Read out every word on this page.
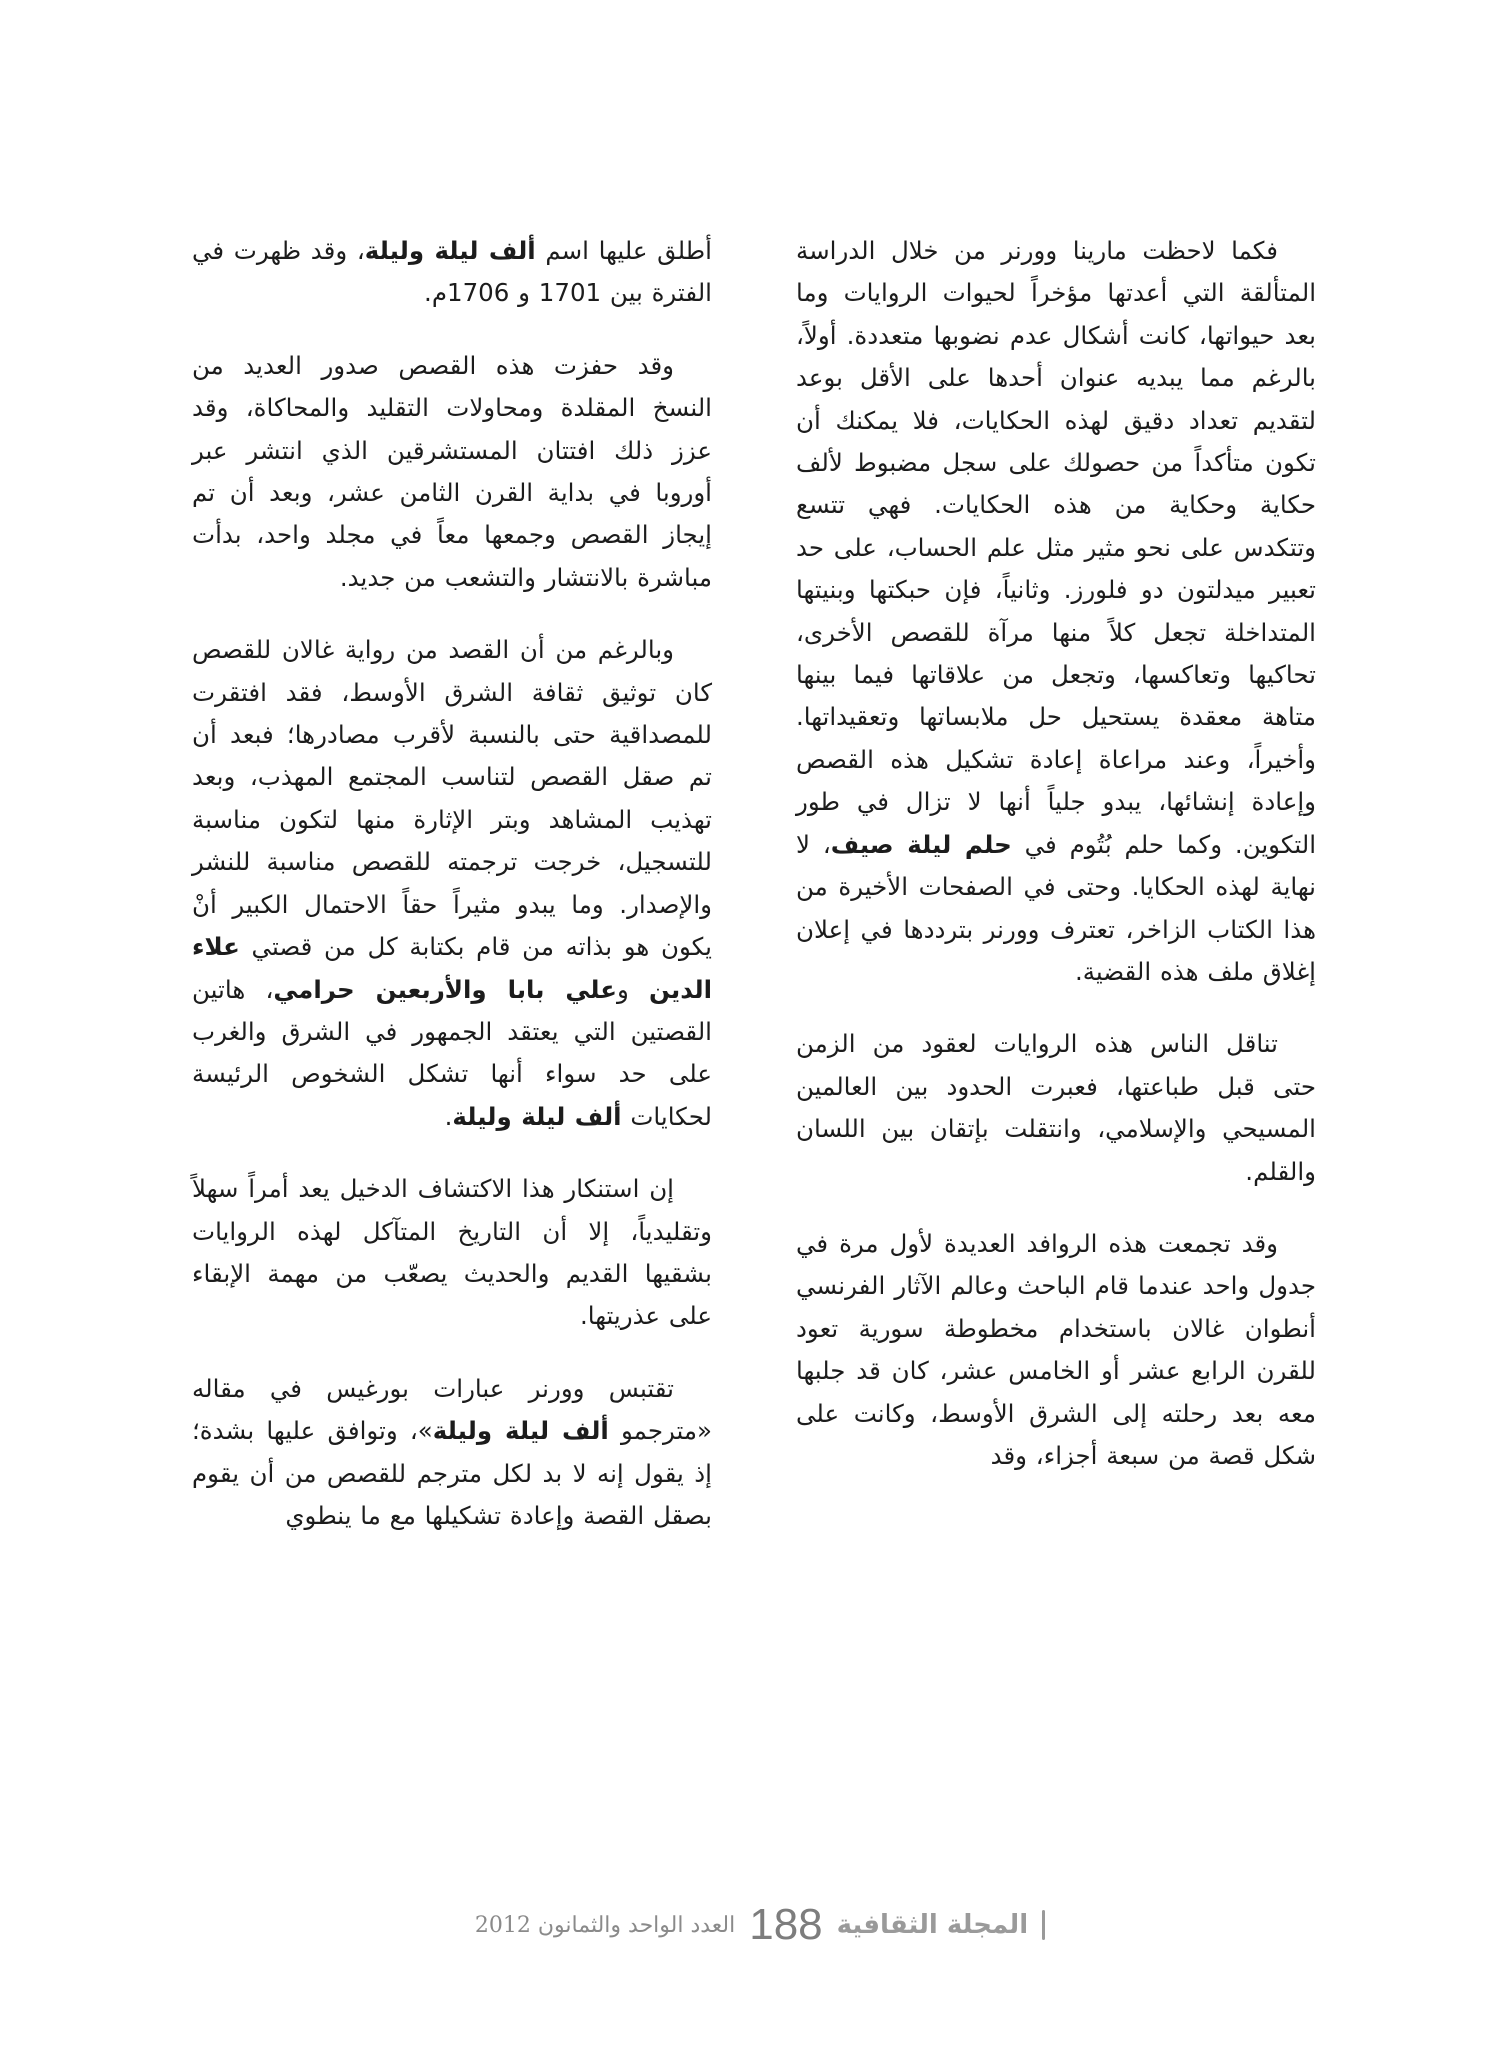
فكما لاحظت مارينا وورنر من خلال الدراسة المتألقة التي أعدتها مؤخراً لحيوات الروايات وما بعد حيواتها، كانت أشكال عدم نضوبها متعددة. أولاً، بالرغم مما يبديه عنوان أحدها على الأقل بوعد لتقديم تعداد دقيق لهذه الحكايات، فلا يمكنك أن تكون متأكداً من حصولك على سجل مضبوط لألف حكاية وحكاية من هذه الحكايات. فهي تتسع وتتكدس على نحو مثير مثل علم الحساب، على حد تعبير ميدلتون دو فلورز. وثانياً، فإن حبكتها وبنيتها المتداخلة تجعل كلاً منها مرآة للقصص الأخرى، تحاكيها وتعاكسها، وتجعل من علاقاتها فيما بينها متاهة معقدة يستحيل حل ملابساتها وتعقيداتها. وأخيراً، وعند مراعاة إعادة تشكيل هذه القصص وإعادة إنشائها، يبدو جلياً أنها لا تزال في طور التكوين. وكما حلم بُتُوم في حلم ليلة صيف، لا نهاية لهذه الحكايا. وحتى في الصفحات الأخيرة من هذا الكتاب الزاخر، تعترف وورنر بترددها في إعلان إغلاق ملف هذه القضية.

تناقل الناس هذه الروايات لعقود من الزمن حتى قبل طباعتها، فعبرت الحدود بين العالمين المسيحي والإسلامي، وانتقلت بإتقان بين اللسان والقلم.

وقد تجمعت هذه الروافد العديدة لأول مرة في جدول واحد عندما قام الباحث وعالم الآثار الفرنسي أنطوان غالان باستخدام مخطوطة سورية تعود للقرن الرابع عشر أو الخامس عشر، كان قد جلبها معه بعد رحلته إلى الشرق الأوسط، وكانت على شكل قصة من سبعة أجزاء، وقد

أطلق عليها اسم ألف ليلة وليلة، وقد ظهرت في الفترة بين 1701 و 1706م.

وقد حفزت هذه القصص صدور العديد من النسخ المقلدة ومحاولات التقليد والمحاكاة، وقد عزز ذلك افتتان المستشرقين الذي انتشر عبر أوروبا في بداية القرن الثامن عشر، وبعد أن تم إيجاز القصص وجمعها معاً في مجلد واحد، بدأت مباشرة بالانتشار والتشعب من جديد.

وبالرغم من أن القصد من رواية غالان للقصص كان توثيق ثقافة الشرق الأوسط، فقد افتقرت للمصداقية حتى بالنسبة لأقرب مصادرها؛ فبعد أن تم صقل القصص لتناسب المجتمع المهذب، وبعد تهذيب المشاهد وبتر الإثارة منها لتكون مناسبة للتسجيل، خرجت ترجمته للقصص مناسبة للنشر والإصدار. وما يبدو مثيراً حقاً الاحتمال الكبير أنْ يكون هو بذاته من قام بكتابة كل من قصتي علاء الدين وعلي بابا والأربعين حرامي، هاتين القصتين التي يعتقد الجمهور في الشرق والغرب على حد سواء أنها تشكل الشخوص الرئيسة لحكايات ألف ليلة وليلة.

إن استنكار هذا الاكتشاف الدخيل يعد أمراً سهلاً وتقليدياً، إلا أن التاريخ المتآكل لهذه الروايات بشقيها القديم والحديث يصعّب من مهمة الإبقاء على عذريتها.

تقتبس وورنر عبارات بورغيس في مقاله «مترجمو ألف ليلة وليلة»، وتوافق عليها بشدة؛ إذ يقول إنه لا بد لكل مترجم للقصص من أن يقوم بصقل القصة وإعادة تشكيلها مع ما ينطوي

المجلة الثقافية
188
العدد الواحد والثمانون 2012
